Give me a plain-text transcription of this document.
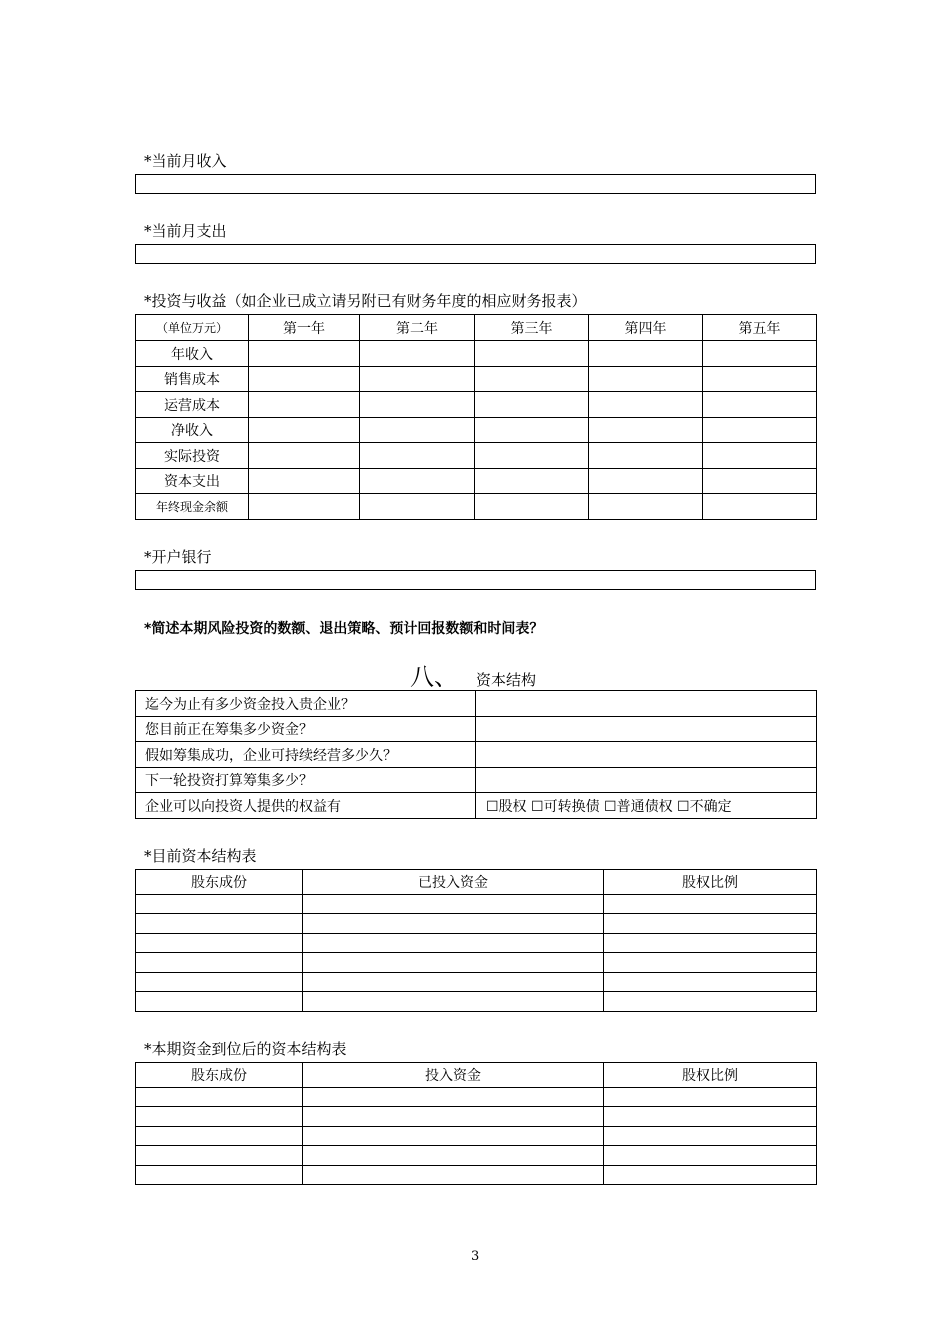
*当前月收入
*当前月支出
*投资与收益（如企业已成立请另附已有财务年度的相应财务报表）
（单位万元）	第一年	第二年	第三年	第四年	第五年
年收入					
销售成本					
运营成本					
净收入					
实际投资					
资本支出					
年终现金余额					
*开户银行
*简述本期风险投资的数额、退出策略、预计回报数额和时间表？
八、 资本结构
迄今为止有多少资金投入贵企业？	
您目前正在筹集多少资金？	
假如筹集成功，企业可持续经营多少久？	
下一轮投资打算筹集多少？	
企业可以向投资人提供的权益有	☐股权 ☐可转换债 ☐普通债权 ☐不确定
*目前资本结构表
股东成份	已投入资金	股权比例

*本期资金到位后的资本结构表
股东成份	投入资金	股权比例

3
